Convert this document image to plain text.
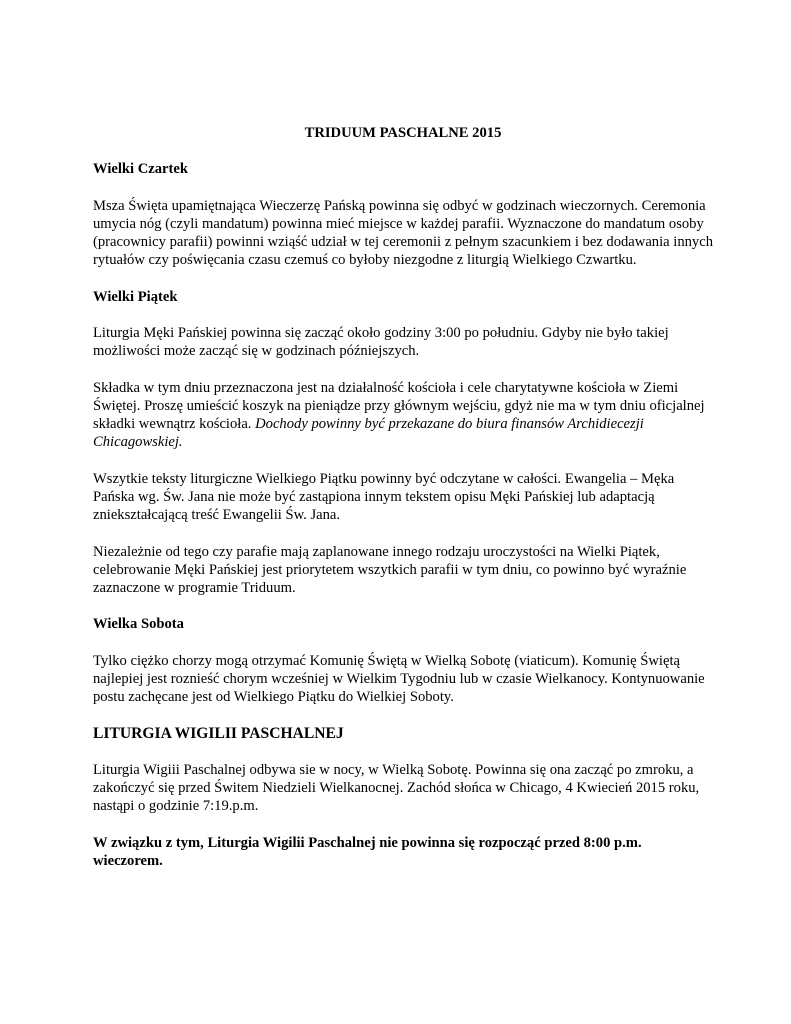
TRIDUUM PASCHALNE 2015
Wielki Czartek

Msza Święta upamiętnająca Wieczerzę Pańską powinna się odbyć w godzinach wieczornych. Ceremonia umycia nóg (czyli mandatum) powinna mieć miejsce w każdej parafii. Wyznaczone do mandatum osoby (pracownicy parafii) powinni wziąść udział w tej ceremonii z pełnym szacunkiem i bez dodawania innych rytuałów czy poświęcania czasu czemuś co byłoby niezgodne z liturgią Wielkiego Czwartku.

Wielki Piątek

Liturgia Męki Pańskiej powinna się zacząć około godziny 3:00 po południu. Gdyby nie było takiej możliwości może zacząć się w godzinach późniejszych.

Składka w tym dniu przeznaczona jest na działalność kościoła i cele charytatywne kościoła w Ziemi Świętej. Proszę umieścić koszyk na pieniądze przy głównym wejściu, gdyż nie ma w tym dniu oficjalnej składki wewnątrz kościoła. Dochody powinny być przekazane do biura finansów Archidiecezji Chicagowskiej.

Wszytkie teksty liturgiczne Wielkiego Piątku powinny być odczytane w całości. Ewangelia – Męka Pańska wg. Św. Jana nie może być zastąpiona innym tekstem opisu Męki Pańskiej lub adaptacją zniekształcającą treść Ewangelii Św. Jana.

Niezależnie od tego czy parafie mają zaplanowane innego rodzaju uroczystości na Wielki Piątek, celebrowanie Męki Pańskiej jest priorytetem wszytkich parafii w tym dniu, co powinno być wyraźnie zaznaczone w programie Triduum.

Wielka Sobota

Tylko ciężko chorzy mogą otrzymać Komunię Świętą w Wielką Sobotę (viaticum). Komunię Świętą najlepiej jest roznieść chorym wcześniej w Wielkim Tygodniu lub w czasie Wielkanocy. Kontynuowanie postu zachęcane jest od Wielkiego Piątku do Wielkiej Soboty.

LITURGIA WIGILII PASCHALNEJ

Liturgia Wigiii Paschalnej odbywa sie w nocy, w Wielką Sobotę. Powinna się ona zacząć po zmroku, a zakończyć się przed Świtem Niedzieli Wielkanocnej. Zachód słońca w Chicago, 4 Kwiecień 2015 roku, nastąpi o godzinie 7:19.p.m.

W związku z tym, Liturgia Wigilii Paschalnej nie powinna się rozpocząć przed 8:00 p.m. wieczorem.
